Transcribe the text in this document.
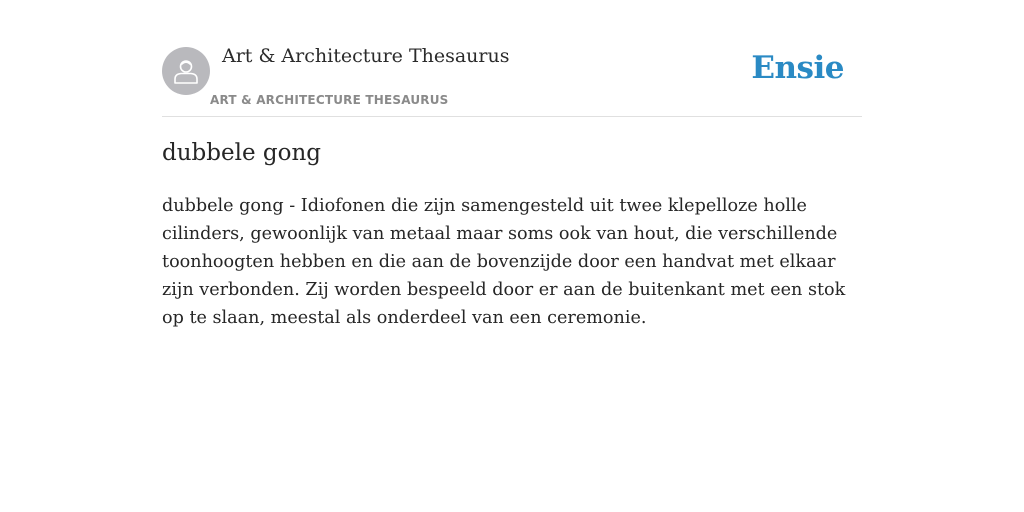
Art & Architecture Thesaurus
ART & ARCHITECTURE THESAURUS
Ensie
dubbele gong
dubbele gong - Idiofonen die zijn samengesteld uit twee klepelloze holle cilinders, gewoonlijk van metaal maar soms ook van hout, die verschillende toonhoogten hebben en die aan de bovenzijde door een handvat met elkaar zijn verbonden. Zij worden bespeeld door er aan de buitenkant met een stok op te slaan, meestal als onderdeel van een ceremonie.
